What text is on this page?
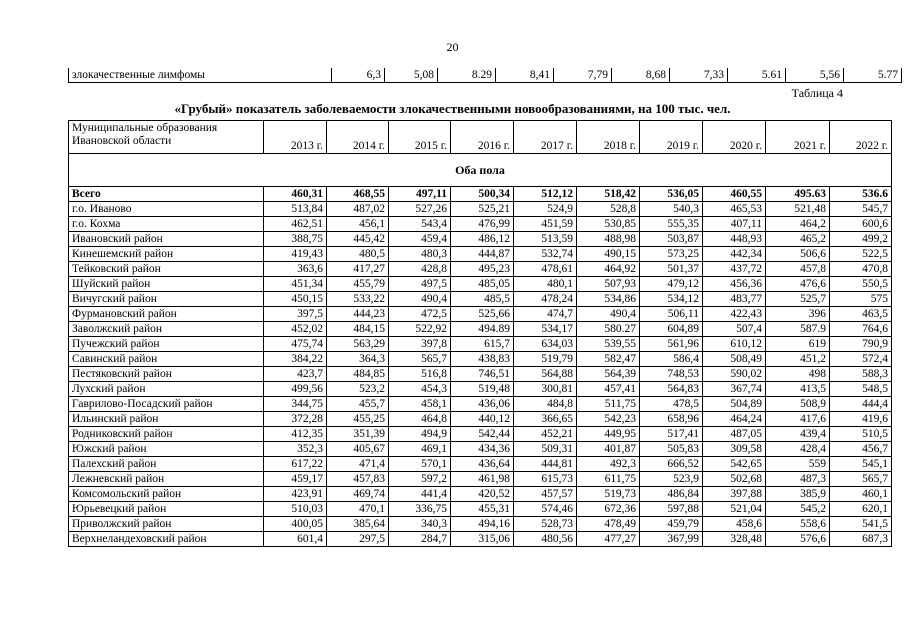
20
злокачественные лимфомы	6,3	5,08	8.29	8,41	7,79	8,68	7,33	5.61	5,56	5.77
Таблица 4
«Грубый» показатель заболеваемости злокачественными новообразованиями, на 100 тыс. чел.
Муниципальные образования
Ивановской области	2013 г.	2014 г.	2015 г.	2016 г.	2017 г.	2018 г.	2019 г.	2020 г.	2021 г.	2022 г.
Оба пола										
Всего	460,31	468,55	497,11	500,34	512,12	518,42	536,05	460,55	495.63	536.6
г.о. Иваново	513,84	487,02	527,26	525,21	524,9	528,8	540,3	465,53	521,48	545,7
г.о. Кохма	462,51	456,1	543,4	476,99	451,59	530,85	555,35	407,11	464,2	600,6
Ивановский район	388,75	445,42	459,4	486,12	513,59	488,98	503,87	448,93	465,2	499,2
Кинешемский район	419,43	480,5	480,3	444,87	532,74	490,15	573,25	442,34	506,6	522,5
Тейковский район	363,6	417,27	428,8	495,23	478,61	464,92	501,37	437,72	457,8	470,8
Шуйский район	451,34	455,79	497,5	485,05	480,1	507,93	479,12	456,36	476,6	550,5
Вичугский район	450,15	533,22	490,4	485,5	478,24	534,86	534,12	483,77	525,7	575
Фурмановский район	397,5	444,23	472,5	525,66	474,7	490,4	506,11	422,43	396	463,5
Заволжский район	452,02	484,15	522,92	494.89	534,17	580.27	604,89	507,4	587.9	764,6
Пучежский район	475,74	563,29	397,8	615,7	634,03	539,55	561,96	610,12	619	790,9
Савинский район	384,22	364,3	565,7	438,83	519,79	582,47	586,4	508,49	451,2	572,4
Пестяковский район	423,7	484,85	516,8	746,51	564,88	564,39	748,53	590,02	498	588,3
Лухский район	499,56	523,2	454,3	519,48	300,81	457,41	564,83	367,74	413,5	548,5
Гаврилово-Посадский район	344,75	455,7	458,1	436,06	484,8	511,75	478,5	504,89	508,9	444,4
Ильинский район	372,28	455,25	464,8	440,12	366,65	542,23	658,96	464,24	417,6	419,6
Родниковский район	412,35	351,39	494,9	542,44	452,21	449,95	517,41	487,05	439,4	510,5
Южский район	352,3	405,67	469,1	434,36	509,31	401,87	505,83	309,58	428,4	456,7
Палехский район	617,22	471,4	570,1	436,64	444,81	492,3	666,52	542,65	559	545,1
Лежневский район	459,17	457,83	597,2	461,98	615,73	611,75	523,9	502,68	487,3	565,7
Комсомольский район	423,91	469,74	441,4	420,52	457,57	519,73	486,84	397,88	385,9	460,1
Юрьевецкий район	510,03	470,1	336,75	455,31	574,46	672,36	597,88	521,04	545,2	620,1
Приволжский район	400,05	385,64	340,3	494,16	528,73	478,49	459,79	458,6	558,6	541,5
Верхнеландеховский район	601,4	297,5	284,7	315,06	480,56	477,27	367,99	328,48	576,6	687,3
